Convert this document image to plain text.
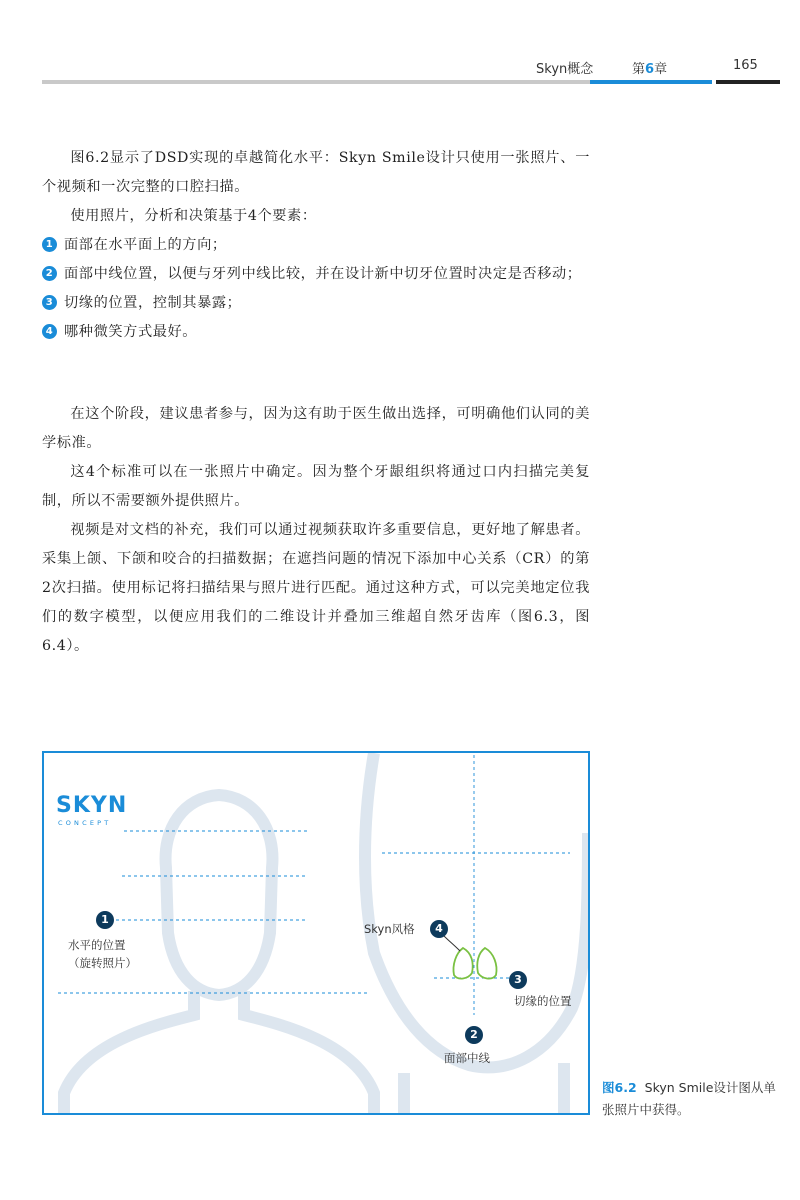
Skyn概念	第6章	165
图6.2显示了DSD实现的卓越简化水平：Skyn Smile设计只使用一张照片、一个视频和一次完整的口腔扫描。
使用照片，分析和决策基于4个要素：
1 面部在水平面上的方向；
2 面部中线位置，以便与牙列中线比较，并在设计新中切牙位置时决定是否移动；
3 切缘的位置，控制其暴露；
4 哪种微笑方式最好。
在这个阶段，建议患者参与，因为这有助于医生做出选择，可明确他们认同的美学标准。
这4个标准可以在一张照片中确定。因为整个牙龈组织将通过口内扫描完美复制，所以不需要额外提供照片。
视频是对文档的补充，我们可以通过视频获取许多重要信息，更好地了解患者。采集上颌、下颌和咬合的扫描数据；在遮挡问题的情况下添加中心关系（CR）的第2次扫描。使用标记将扫描结果与照片进行匹配。通过这种方式，可以完美地定位我们的数字模型，以便应用我们的二维设计并叠加三维超自然牙齿库（图6.3，图6.4）。
SKYN
CONCEPT
1
水平的位置
（旋转照片）
4
Skyn风格
3
切缘的位置
2
面部中线
图6.2 Skyn Smile设计图从单张照片中获得。
